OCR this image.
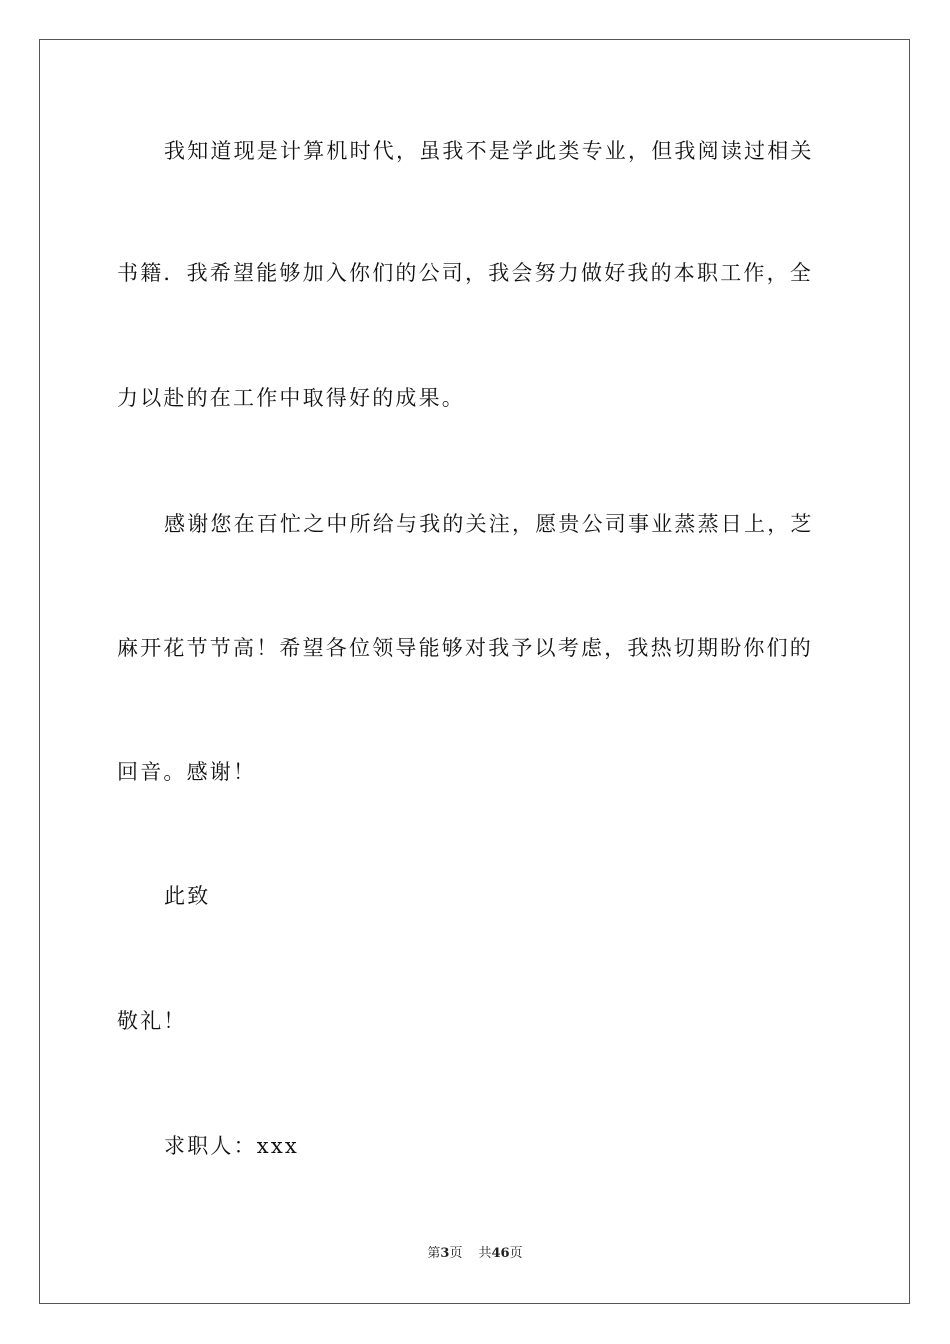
我知道现是计算机时代，虽我不是学此类专业，但我阅读过相关
书籍．我希望能够加入你们的公司，我会努力做好我的本职工作，全
力以赴的在工作中取得好的成果。
感谢您在百忙之中所给与我的关注，愿贵公司事业蒸蒸日上，芝
麻开花节节高！希望各位领导能够对我予以考虑，我热切期盼你们的
回音。感谢！
此致
敬礼！
求职人：xxx
第3页 共46页
